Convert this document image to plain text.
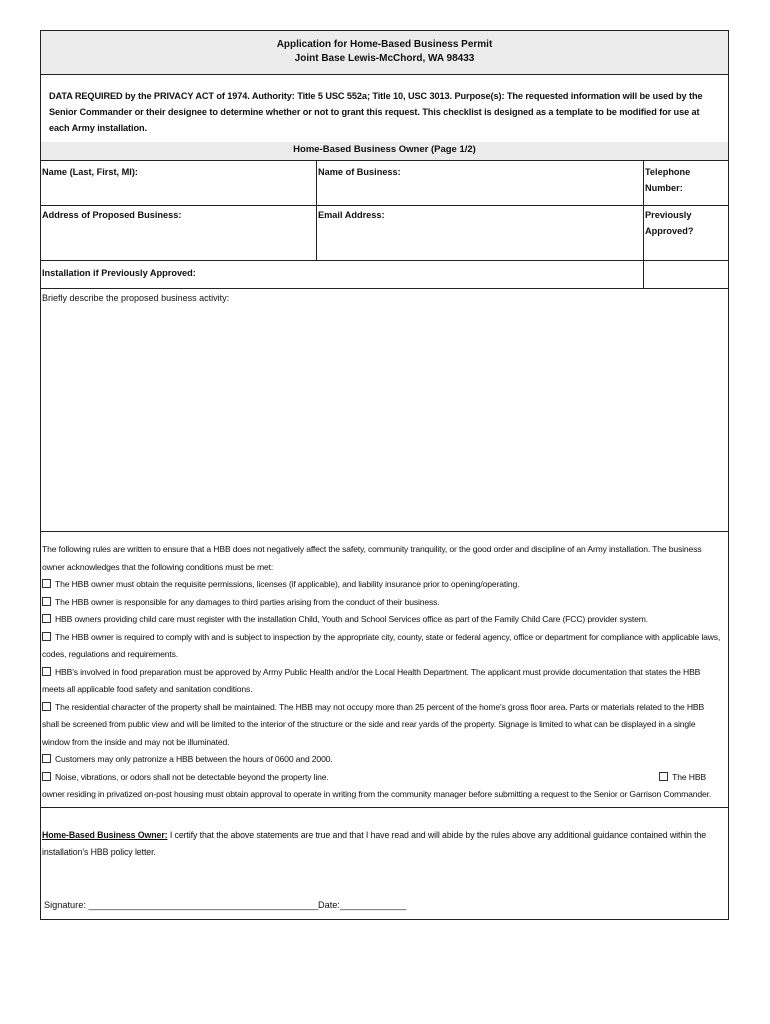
Application for Home-Based Business Permit
Joint Base Lewis-McChord, WA 98433
DATA REQUIRED by the PRIVACY ACT of 1974. Authority: Title 5 USC 552a; Title 10, USC 3013. Purpose(s): The requested information will be used by the Senior Commander or their designee to determine whether or not to grant this request. This checklist is designed as a template to be modified for use at each Army installation.
Home-Based Business Owner (Page 1/2)
Name (Last, First, MI):	Name of Business:	Telephone Number:
Address of Proposed Business:	Email Address:	Previously
Approved?
Installation if Previously Approved:
Briefly describe the proposed business activity:

The following rules are written to ensure that a HBB does not negatively affect the safety, community tranquility, or the good order and discipline of an Army installation. The business owner acknowledges that the following conditions must be met:

The HBB owner must obtain the requisite permissions, licenses (if applicable), and liability insurance prior to opening/operating.

The HBB owner is responsible for any damages to third parties arising from the conduct of their business.

HBB owners providing child care must register with the installation Child, Youth and School Services office as part of the Family Child Care (FCC) provider system.

The HBB owner is required to comply with and is subject to inspection by the appropriate city, county, state or federal agency, office or department for compliance with applicable laws, codes, regulations and requirements.

HBB's involved in food preparation must be approved by Army Public Health and/or the Local Health Department. The applicant must provide documentation that states the HBB meets all applicable food safety and sanitation conditions.

The residential character of the property shall be maintained. The HBB may not occupy more than 25 percent of the home's gross floor area. Parts or materials related to the HBB shall be screened from public view and will be limited to the interior of the structure or the side and rear yards of the property. Signage is limited to what can be displayed in a single window from the inside and may not be illuminated.

Customers may only patronize a HBB between the hours of 0600 and 2000.

Noise, vibrations, or odors shall not be detectable beyond the property line.	The HBB

owner residing in privatized on-post housing must obtain approval to operate in writing from the community manager before submitting a request to the Senior or Garrison Commander.

Home-Based Business Owner: I certify that the above statements are true and that I have read and will abide by the rules above any additional guidance contained within the installation's HBB policy letter.
Signature: _____________________________________________ Date:_____________
